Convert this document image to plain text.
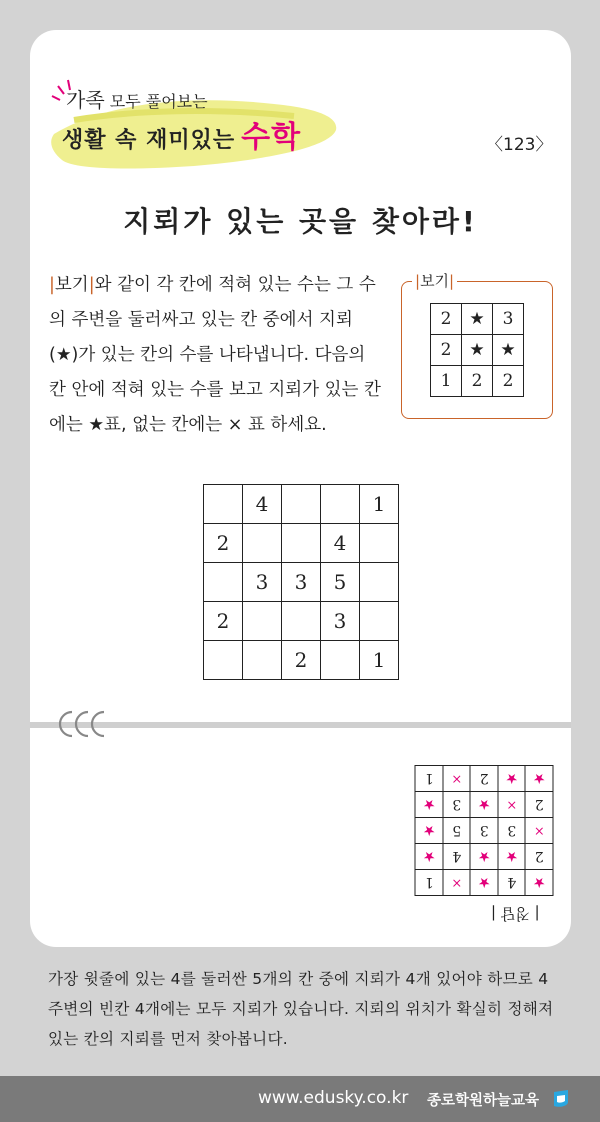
가족 모두 풀어보는
생활 속 재미있는 수학	〈123〉
지뢰가 있는 곳을 찾아라!
|보기|와 같이 각 칸에 적혀 있는 수는 그 수의 주변을 둘러싸고 있는 칸 중에서 지뢰(★)가 있는 칸의 수를 나타냅니다. 다음의 칸 안에 적혀 있는 수를 보고 지뢰가 있는 칸에는 ★표, 없는 칸에는 × 표 하세요.
|보기|
2	★	3
2	★	★
1	2	2
	4			1
2			4	
	3	3	5	
2			3	
		2		1
★	4	★	×	1
2	★	★	4	★
×	3	3	5	★
2	×	★	3	★
★	★	2	×	1
| 정답 |
가장 윗줄에 있는 4를 둘러싼 5개의 칸 중에 지뢰가 4개 있어야 하므로 4 주변의 빈칸 4개에는 모두 지뢰가 있습니다. 지뢰의 위치가 확실히 정해져 있는 칸의 지뢰를 먼저 찾아봅니다.
www.edusky.co.kr 종로학원하늘교육
